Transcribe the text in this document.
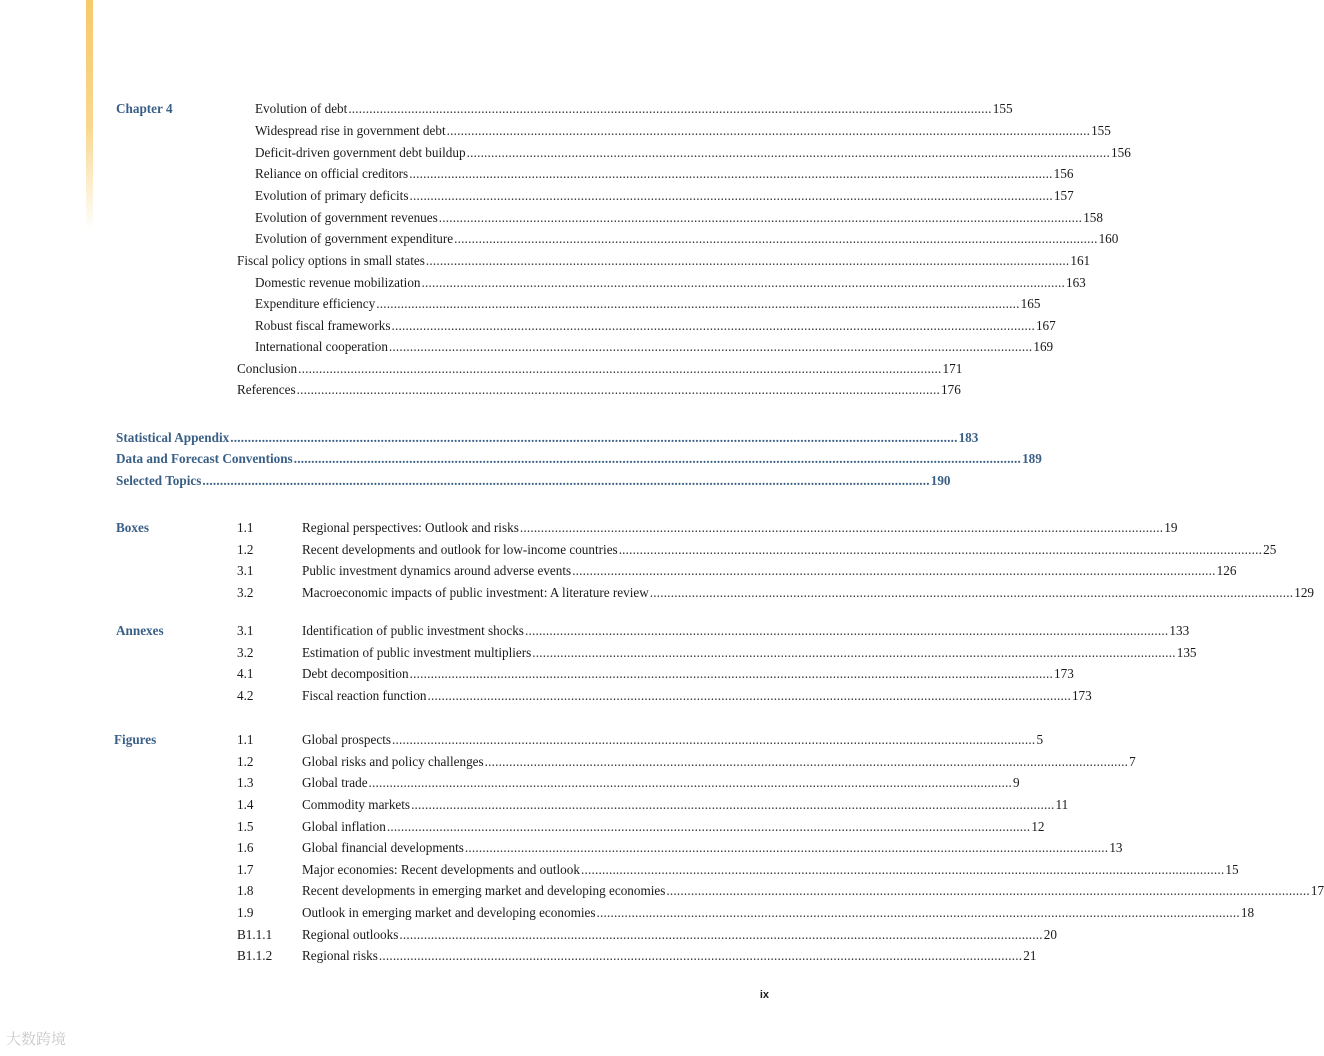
Chapter 4	Evolution of debt ........................................................................................................................................................................................ 155
Widespread rise in government debt ........................................................................................................................................................................................ 155
Deficit-driven government debt buildup ........................................................................................................................................................................................ 156
Reliance on official creditors ........................................................................................................................................................................................ 156
Evolution of primary deficits ........................................................................................................................................................................................ 157
Evolution of government revenues ........................................................................................................................................................................................ 158
Evolution of government expenditure ........................................................................................................................................................................................ 160
Fiscal policy options in small states ........................................................................................................................................................................................ 161
Domestic revenue mobilization ........................................................................................................................................................................................ 163
Expenditure efficiency ........................................................................................................................................................................................ 165
Robust fiscal frameworks ........................................................................................................................................................................................ 167
International cooperation ........................................................................................................................................................................................ 169
Conclusion ........................................................................................................................................................................................ 171
References ........................................................................................................................................................................................ 176
Statistical Appendix ................................................................................................................................................................................................................ 183
Data and Forecast Conventions ................................................................................................................................................................................................................ 189
Selected Topics ................................................................................................................................................................................................................ 190
Boxes	1.1	Regional perspectives: Outlook and risks ........................................................................................................................................................................................ 19
1.2	Recent developments and outlook for low-income countries ........................................................................................................................................................................................ 25
3.1	Public investment dynamics around adverse events ........................................................................................................................................................................................ 126
3.2	Macroeconomic impacts of public investment: A literature review ........................................................................................................................................................................................ 129
Annexes	3.1	Identification of public investment shocks ........................................................................................................................................................................................ 133
3.2	Estimation of public investment multipliers ........................................................................................................................................................................................ 135
4.1	Debt decomposition ........................................................................................................................................................................................ 173
4.2	Fiscal reaction function ........................................................................................................................................................................................ 173
Figures	1.1	Global prospects ........................................................................................................................................................................................ 5
1.2	Global risks and policy challenges ........................................................................................................................................................................................ 7
1.3	Global trade ........................................................................................................................................................................................ 9
1.4	Commodity markets ........................................................................................................................................................................................ 11
1.5	Global inflation ........................................................................................................................................................................................ 12
1.6	Global financial developments ........................................................................................................................................................................................ 13
1.7	Major economies: Recent developments and outlook ........................................................................................................................................................................................ 15
1.8	Recent developments in emerging market and developing economies ........................................................................................................................................................................................ 17
1.9	Outlook in emerging market and developing economies ........................................................................................................................................................................................ 18
B1.1.1 Regional outlooks ........................................................................................................................................................................................ 20
B1.1.2 Regional risks ........................................................................................................................................................................................ 21
ix
大数跨境
